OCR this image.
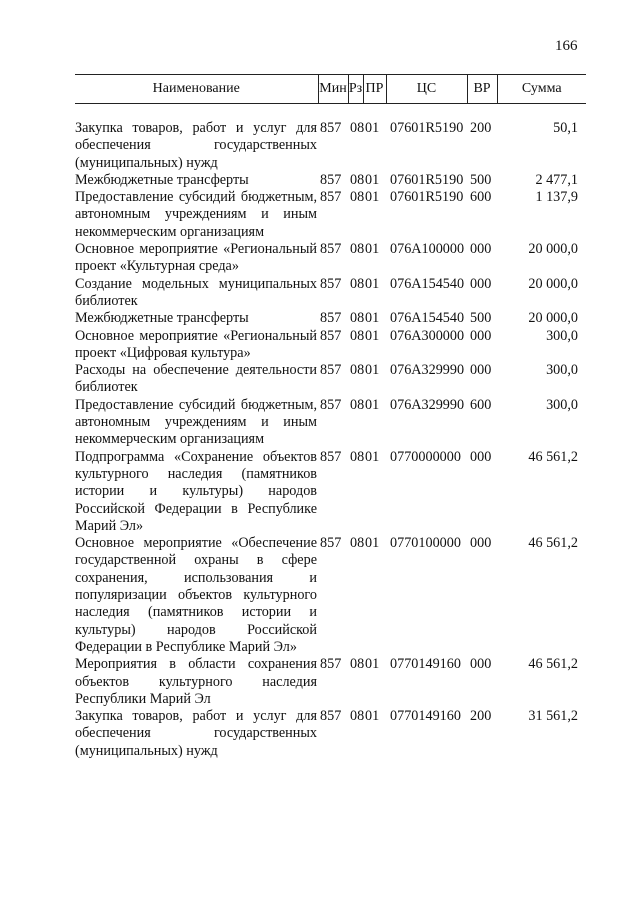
166
Наименование	Мин	Рз	ПР	ЦС	ВР	Сумма

Закупка товаров, работ и услуг для обеспечения государственных (муниципальных) нужд	857	08	01	07601R5190	200	50,1
Межбюджетные трансферты	857	08	01	07601R5190	500	2 477,1
Предоставление субсидий бюджетным, автономным учреждениям и иным некоммерческим организациям	857	08	01	07601R5190	600	1 137,9
Основное мероприятие «Региональный проект «Культурная среда»	857	08	01	076A100000	000	20 000,0
Создание модельных муниципальных библиотек	857	08	01	076A154540	000	20 000,0
Межбюджетные трансферты	857	08	01	076A154540	500	20 000,0
Основное мероприятие «Региональный проект «Цифровая культура»	857	08	01	076A300000	000	300,0
Расходы на обеспечение деятельности библиотек	857	08	01	076A329990	000	300,0
Предоставление субсидий бюджетным, автономным учреждениям и иным некоммерческим организациям	857	08	01	076A329990	600	300,0
Подпрограмма «Сохранение объектов культурного наследия (памятников истории и культуры) народов Российской Федерации в Республике Марий Эл»	857	08	01	0770000000	000	46 561,2
Основное мероприятие «Обеспечение государственной охраны в сфере сохранения, использования и популяризации объектов культурного наследия (памятников истории и культуры) народов Российской Федерации в Республике Марий Эл»	857	08	01	0770100000	000	46 561,2
Мероприятия в области сохранения объектов культурного наследия Республики Марий Эл	857	08	01	0770149160	000	46 561,2
Закупка товаров, работ и услуг для обеспечения государственных (муниципальных) нужд	857	08	01	0770149160	200	31 561,2
